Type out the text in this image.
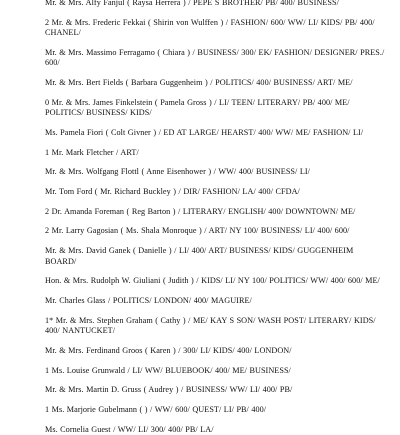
Mr. & Mrs. Alfy Fanjul ( Raysa Herrera ) / PEPE S BROTHER/ PB/ 400/ BUSINESS/
2 Mr. & Mrs. Frederic Fekkai ( Shirin von Wulffen ) / FASHION/ 600/ WW/ LI/ KIDS/ PB/ 400/ CHANEL/
Mr. & Mrs. Massimo Ferragamo ( Chiara ) / BUSINESS/ 300/ EK/ FASHION/ DESIGNER/ PRES./ 600/
Mr. & Mrs. Bert Fields ( Barbara Guggenheim ) / POLITICS/ 400/ BUSINESS/ ART/ ME/
0 Mr. & Mrs. James Finkelstein ( Pamela Gross ) / LI/ TEEN/ LITERARY/ PB/ 400/ ME/ POLITICS/ BUSINESS/ KIDS/
Ms. Pamela Fiori ( Colt Givner ) / ED AT LARGE/ HEARST/ 400/ WW/ ME/ FASHION/ LI/
1 Mr. Mark Fletcher / ART/
Mr. & Mrs. Wolfgang Flottl ( Anne Eisenhower ) / WW/ 400/ BUSINESS/ LI/
Mr. Tom Ford ( Mr. Richard Buckley ) / DIR/ FASHION/ LA/ 400/ CFDA/
2 Dr. Amanda Foreman ( Reg Barton ) / LITERARY/ ENGLISH/ 400/ DOWNTOWN/ ME/
2 Mr. Larry Gagosian ( Ms. Shala Monroque ) / ART/ NY 100/ BUSINESS/ LI/ 400/ 600/
Mr. & Mrs. David Ganek ( Danielle ) / LI/ 400/ ART/ BUSINESS/ KIDS/ GUGGENHEIM BOARD/
Hon. & Mrs. Rudolph W. Giuliani ( Judith ) / KIDS/ LI/ NY 100/ POLITICS/ WW/ 400/ 600/ ME/
Mr. Charles Glass / POLITICS/ LONDON/ 400/ MAGUIRE/
1* Mr. & Mrs. Stephen Graham ( Cathy ) / ME/ KAY S SON/ WASH POST/ LITERARY/ KIDS/ 400/ NANTUCKET/
Mr. & Mrs. Ferdinand Groos ( Karen ) / 300/ LI/ KIDS/ 400/ LONDON/
1 Ms. Louise Grunwald / LI/ WW/ BLUEBOOK/ 400/ ME/ BUSINESS/
Mr. & Mrs. Martin D. Gruss ( Audrey ) / BUSINESS/ WW/ LI/ 400/ PB/
1 Ms. Marjorie Gubelmann ( ) / WW/ 600/ QUEST/ LI/ PB/ 400/
Ms. Cornelia Guest / WW/ LI/ 300/ 400/ PB/ LA/
